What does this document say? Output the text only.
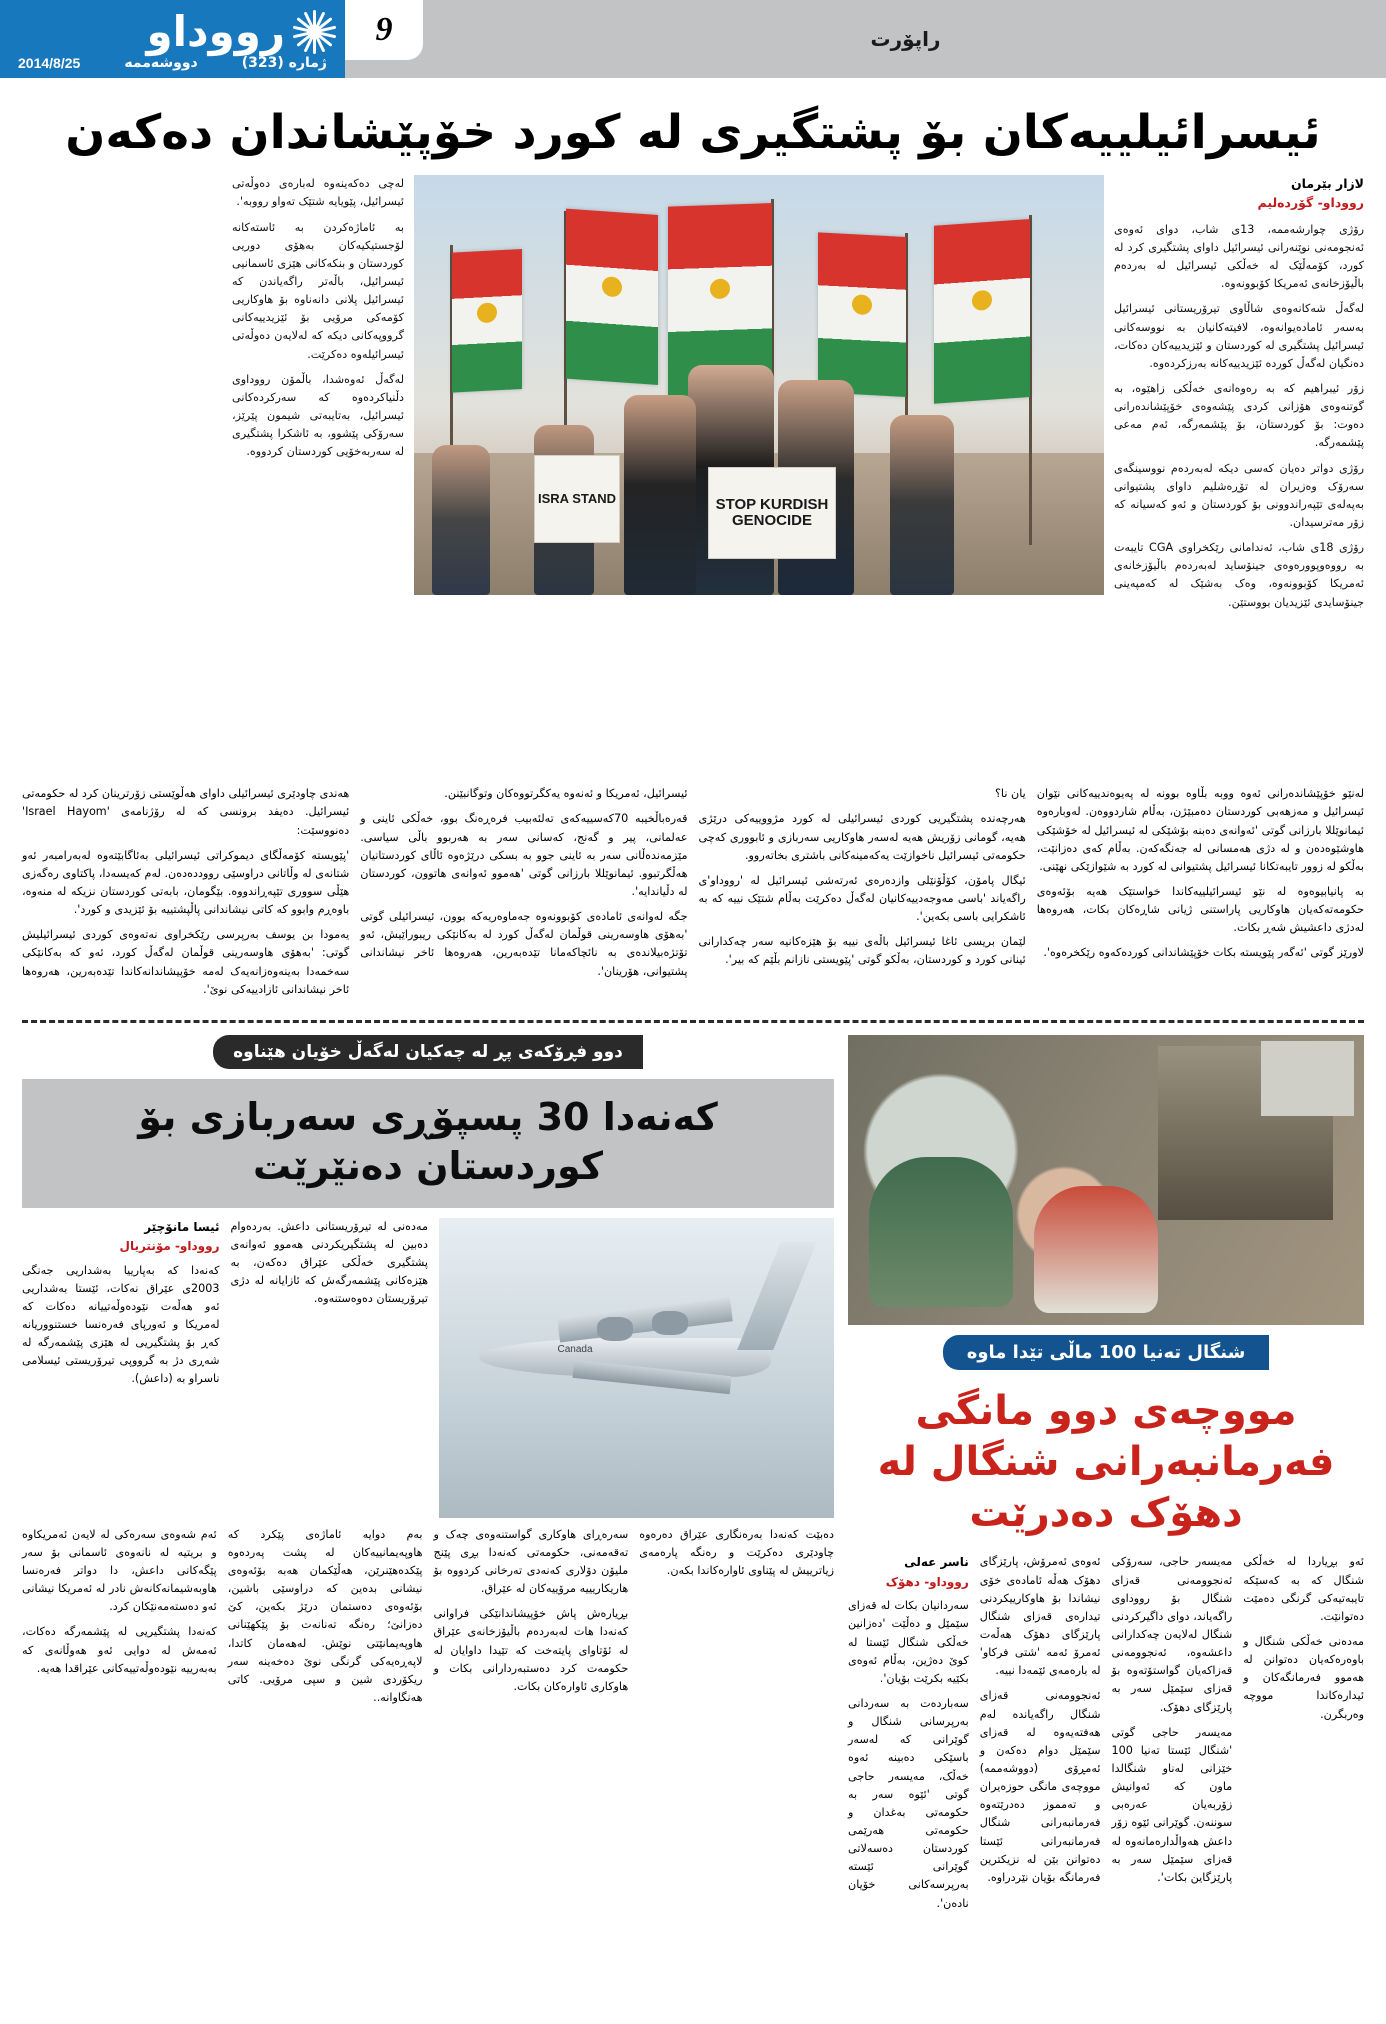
رووداو
ژماره (323)
دووشەممە
2014/8/25
راپۆرت
9
ئیسرائیلییەکان بۆ پشتگیری لە کورد خۆپێشاندان دەکەن
لازار بێرمان
رووداو- گۆردەلیم

رۆژی چوارشەممە، 13ی شاب، دوای ئەوەی ئەنجومەنی نوێنەرانی ئیسرائیل داوای پشتگیری کرد لە کورد، کۆمەڵێک لە خەڵکی ئیسرائیل لە بەردەم باڵیۆزخانەی ئەمریکا کۆبوونەوە.

لەگەڵ شەکانەوەی شاڵاوی تیرۆریستانی ئیسرائیل بەسەر ئامادەیوانەوە، لافیتەکانیان بە نووسەکانی ئیسرائیل پشتگیری لە کوردستان و ئێزیدییەکان دەکات، دەنگیان لەگەڵ کوردە ئێزیدییەکانە بەرزکردەوە.

زۆر ئیبراهیم کە بە رەوەانەی خەڵکی زاهێوە، بە گوتنەوەی هۆزانی کردی پێشەوەی خۆپێشاندەرانی دەوت: بۆ کوردستان، بۆ پێشمەرگە، ئەم مەعی پێشمەرگە.

رۆژی دواتر دەیان کەسی دیکە لەبەردەم نووسینگەی سەرۆک وەزیران لە تۆڕەشلیم داوای پشتیوانی بەپەلەی تێپەراندوونی بۆ کوردستان و ئەو کەسیانە کە زۆر مەترسیدان.

رۆژی 18ی شاب، ئەندامانی رێکخراوی CGA تایبەت بە رووەوپوورەوەی جینۆساید لەبەردەم باڵیۆزخانەی ئەمریکا کۆبوونەوە، وەک بەشێک لە کەمپەینی جینۆسایدی ئێزیدیان بووستێن.

STOP KURDISH GENOCIDE
ISRA STAND

لەچی دەکەینەوە لەبارەی دەوڵەتی ئیسرائیل، پێویایە شتێک تەواو رووبە'.

بە ئاماژەکردن بە ئاستەکانە لۆجستیکیەکان بەهۆی دوریی کوردستان و بنکەکانی هێزی ئاسمانیی ئیسرائیل، باڵەتر راگەیاندن کە ئیسرائیل پلانی دانەناوە بۆ هاوکاریی کۆمەکی مرۆیی بۆ ئێزیدییەکانی گرووپەکانی دیکە کە لەلایەن دەوڵەتی ئیسرائیلەوە دەکرێت.

لەگەڵ ئەوەشدا، باڵمۆن رووداوی دڵنیاکردەوە کە سەرکردەکانی ئیسرائیل، بەتایبەتی شیمون پێرێز، سەرۆکی پێشوو، بە ئاشکرا پشتگیری لە سەربەخۆیی کوردستان کردووە.

لەنێو خۆپێشاندەرانی ئەوە ووبە بڵاوە بوونە لە پەیوەندییەکانی نێوان ئیسرائیل و مەزهەبی کوردستان دەمبێژن، بەڵام شاردووەن. لەوبارەوە ئیمانوێللا بارزانی گوتی 'ئەوانەی دەبنە بۆشێکی لە ئیسرائیل لە خۆشێکی هاوشێوەدەن و لە دژی هەمسانی لە جەنگەکەن. بەڵام کەی دەزانێت، بەڵکو لە زوور تایبەتکانا ئیسرائیل پشتیوانی لە کورد بە شێوازێکی نهێنی.

بە پانیابیوەوە لە نێو ئیسرائیلییەکاندا خواستێک هەیە بۆئەوەی حکومەتەکەیان هاوکاریی پاراستنی ژیانی شاڕەکان بکات، هەروەها لەدژی داعشیش شەڕ بکات.

لاورێز گوتی 'ئەگەر پێویستە بکات خۆپێشاندانی کوردەکەوە رێکخرەوە'.

یان نا؟

هەرچەندە پشتگیریی کوردی ئیسرائیلی لە کورد مژووییەکی درێژی هەیە، گومانی زۆریش هەیە لەسەر هاوکاریی سەربازی و ئابووری کەچی حکومەتی ئیسرائیل ناخوازێت یەکەمینەکانی باشتری بخاتەروو.

ئیگال پامۆن، کۆڵۆنێلی وازدەرەی ئەرتەشی ئیسرائیل لە 'رووداو'ی راگەیاند 'باسی مەوجەدییەکانیان لەگەڵ دەکرێت بەڵام شتێک نییە کە بە ئاشکرایی باسی بکەین'.

لێمان بریسی ئاغا ئیسرائیل باڵەی نییە بۆ هێزەکانیە سەر چەکدارانی ئینانی کورد و کوردستان، بەڵکو گوتی 'پێویستی نازانم بڵێم کە بیر'.

ئیسرائیل، ئەمریکا و ئەنەوە یەکگرتووەکان وتوگانبێنن.

قەرەباڵخیبە 70کەسییەکەی تەلئەبیب فرەڕەنگ بوو، خەڵکی ئاینی و عەلمانی، پیر و گەنج، کەسانی سەر بە هەربوو باڵی سیاسی. مێزمەندەڵانی سەر بە ئاینی جوو بە بسکی درێژەوە ئاڵای کوردستانیان هەڵگرتبوو. ئیمانوێللا بارزانی گوتی 'هەموو ئەوانەی هاتوون، کوردستان لە دڵیاندایە'.

جگە لەوانەی ئامادەی کۆبوونەوە جەماوەریەکە بوون، ئیسرائیلی گوتی 'بەهۆی هاوسەرینی قوڵمان لەگەڵ کورد لە بەکانێکی ریبوراێیش، ئەو تۆتژەبیلاندەی بە نائچاکەمانا تێدەبەرین، هەروەها ئاخر نیشاندانی پشتیوانی، هۆرینان'.

هەندی چاودێری ئیسرائیلی داوای هەڵوێستی زۆرترینان کرد لە حکومەتی ئیسرائیل. دەیفد برونسی کە لە رۆژنامەی 'Israel Hayom' دەنووسێت:

'پێویستە کۆمەڵگای دیموکراتی ئیسرائیلی بەئاگابێتەوە لەبەرامبەر ئەو شتانەی لە وڵاتانی دراوسێی رووددەدەن. لەم کەیسەدا، پاکتاوی رەگەزی هێڵی سووری تێپەڕاندووە. بێگومان، بابەتی کوردستان نزیکە لە منەوە، باوەڕم وابوو کە کاتی نیشاندانی پاڵپشتییە بۆ ئێزیدی و کورد'.

یەمودا بن یوسف بەرپرسی رێکخراوی نەتەوەی کوردی ئیسرائیلیش گوتی: 'بەهۆی هاوسەرینی قوڵمان لەگەڵ کورد، ئەو کە بەکانێکی سەخمەدا بەینەوەزانەیەک لەمە خۆپیشاندانەکاندا تێدەبەرین، هەروەها ئاخر نیشاندانی ئازادییەکی نوێ'.

شنگال تەنیا 100 ماڵی تێدا ماوە
مووچەی دوو مانگی فەرمانبەرانی شنگال لە دهۆک دەدرێت

ئەو بڕیاردا لە خەڵکی شنگال کە بە کەسێکە تایبەتیەکی گرنگی دەمێت دەتوانێت.

مەدەنی خەڵکی شنگال و باوەرەکەیان دەتوانن لە هەموو فەرمانگەکان و ئیدارەکاندا مووچە وەربگرن.

مەیسەر حاجی، سەرۆکی ئەنجوومەنی قەزای شنگال بۆ رووداوی راگەیاند، دوای داگیرکردنی شنگال لەلایەن چەکدارانی داعشەوە، ئەنجوومەنی قەزاکەیان گواستۆتەوە بۆ قەزای سێمێل سەر بە پارێزگای دهۆک.

مەیسەر حاجی گوتی 'شنگال ئێستا تەنیا 100 خێزانی لەناو شنگالدا ماون کە ئەوانیش زۆربەیان عەرەبی سوننەن. گوێرانی ئێوە زۆر داعش هەواڵدارەمانەوە لە قەزای سێمێل سەر بە پارێزگاین بکات'.

ئەوەی ئەمرۆش، پارێزگای دهۆک هەڵە ئامادەی خۆی نیشاندا بۆ هاوکارییکردنی تیدارەی قەزای شنگال پارێزگای دهۆک هەڵەت ئەمرۆ ئەمە 'شتی فرکاو' لە بارەمەی ئێمەدا نییە.

ئەنجوومەنی قەزای شنگال راگەیاندە لەم هەفتەیەوە لە قەزای سێمێل دوام دەکەن و ئەمڕۆی (دووشەممە) مووچەی مانگی حوزەیران و تەمموز دەدرێتەوە فەرمانبەرانی شنگال فەرمانبەرانی ئێستا دەتوانن بێن لە نزیکترین فەرمانگە بۆیان نێردراوە.

ناسر عەلی
رووداو- دهۆک

سەردانیان بکات لە قەزای سێمێل و دەڵێت 'دەزانین خەڵکی شنگال ئێستا لە کوێ دەژین، بەڵام ئەوەی بکێیە بکرێت بۆیان'.

سەباردەت بە سەردانی بەرپرسانی شنگال و گوێرانی کە لەسەر باسێکی دەبینە ئەوە خەڵک، مەیسەر حاجی گوتی 'ئێوە سەر بە حکومەتی بەغدان و حکومەتی هەرێمی کوردستان دەسەلاتی گوێرانی ئێستە بەرپرسەکانی خۆیان نادەن'.

دوو فڕۆکەی پڕ لە چەکیان لەگەڵ خۆیان هێناوە
کەنەدا 30 پسپۆڕی سەربازی بۆ کوردستان دەنێرێت
Canada

مەدەنی لە تیرۆریستانی داعش. بەردەوام دەبین لە پشتگیریکردنی هەموو ئەوانەی پشتگیری خەڵکی عێراق دەکەن، بە هێزەکانی پێشمەرگەش کە ئازایانە لە دژی تیرۆریستان دەوەستنەوە.

ئیسا مانۆچێر
رووداو- مۆنتریال

کەنەدا کە بەپارییا بەشداریی جەنگی 2003ی عێراق نەکات، ئێستا بەشداریی ئەو هەڵەت نێودەوڵەتییانە دەکات کە لەمریکا و ئەورپای فەرەنسا خستنووریانە کەڕ بۆ پشتگیریی لە هێزی پێشمەرگە لە شەڕی دژ بە گرووپی تیرۆریستی ئیسلامی ناسراو بە (داعش).

دەبێت کەنەدا بەرەنگاری عێراق دەرەوە چاودێری دەکرێت و رەنگە پارەمەی زیاترییش لە پێناوی ئاوارەکاندا بکەن.

سەرەڕای هاوکاری گواستنەوەی چەک و تەقەمەنی، حکومەتی کەنەدا بڕی پێنج ملیۆن دۆلاری کەنەدی تەرخانی کردووە بۆ هاریکاریییە مرۆییەکان لە عێراق.

بڕیارەش پاش خۆپیشاندانێکی فراوانی کەنەدا هات لەبەردەم باڵیۆزخانەی عێراق لە ئۆتاوای پایتەخت کە تێیدا داوایان لە حکومەت کرد دەستبەردارانی بکات و هاوکاری ئاوارەکان بکات.

بەم دوایە ئاماژەی پێکرد کە هاوپەیمانییەکان لە پشت پەردەوە پێکدەهێنرێن، هەڵێکمان هەبە بۆئەوەی نیشانی بدەین کە دراوسێی باشین، بۆئەوەی دەستمان درێژ بکەین، کێ دەزانێ؛ رەنگە تەنانەت بۆ پێکهێنانی هاوپەیمانێتی نوێش. لەهەمان کاتدا، لاپەڕەیەکی گرنگی نوێ دەخەینە سەر ریکۆردی شین و سپی مرۆیی. کاتی هەنگاوانە..

ئەم شەوەی سەرەکی لە لایەن ئەمریکاوە و بریتیە لە نانەوەی ئاسمانی بۆ سەر پێگەکانی داعش، دا دواتر فەرەنسا هاوبەشیمانەکانەش نادر لە ئەمریکا نیشانی ئەو دەستەمەنێکان کرد.

کەنەدا پشتگیریی لە پێشمەرگە دەکات، ئەمەش لە دوایی ئەو هەوڵانەی کە بەبەرییە نێودەوڵەتییەکانی عێراقدا هەیە.
